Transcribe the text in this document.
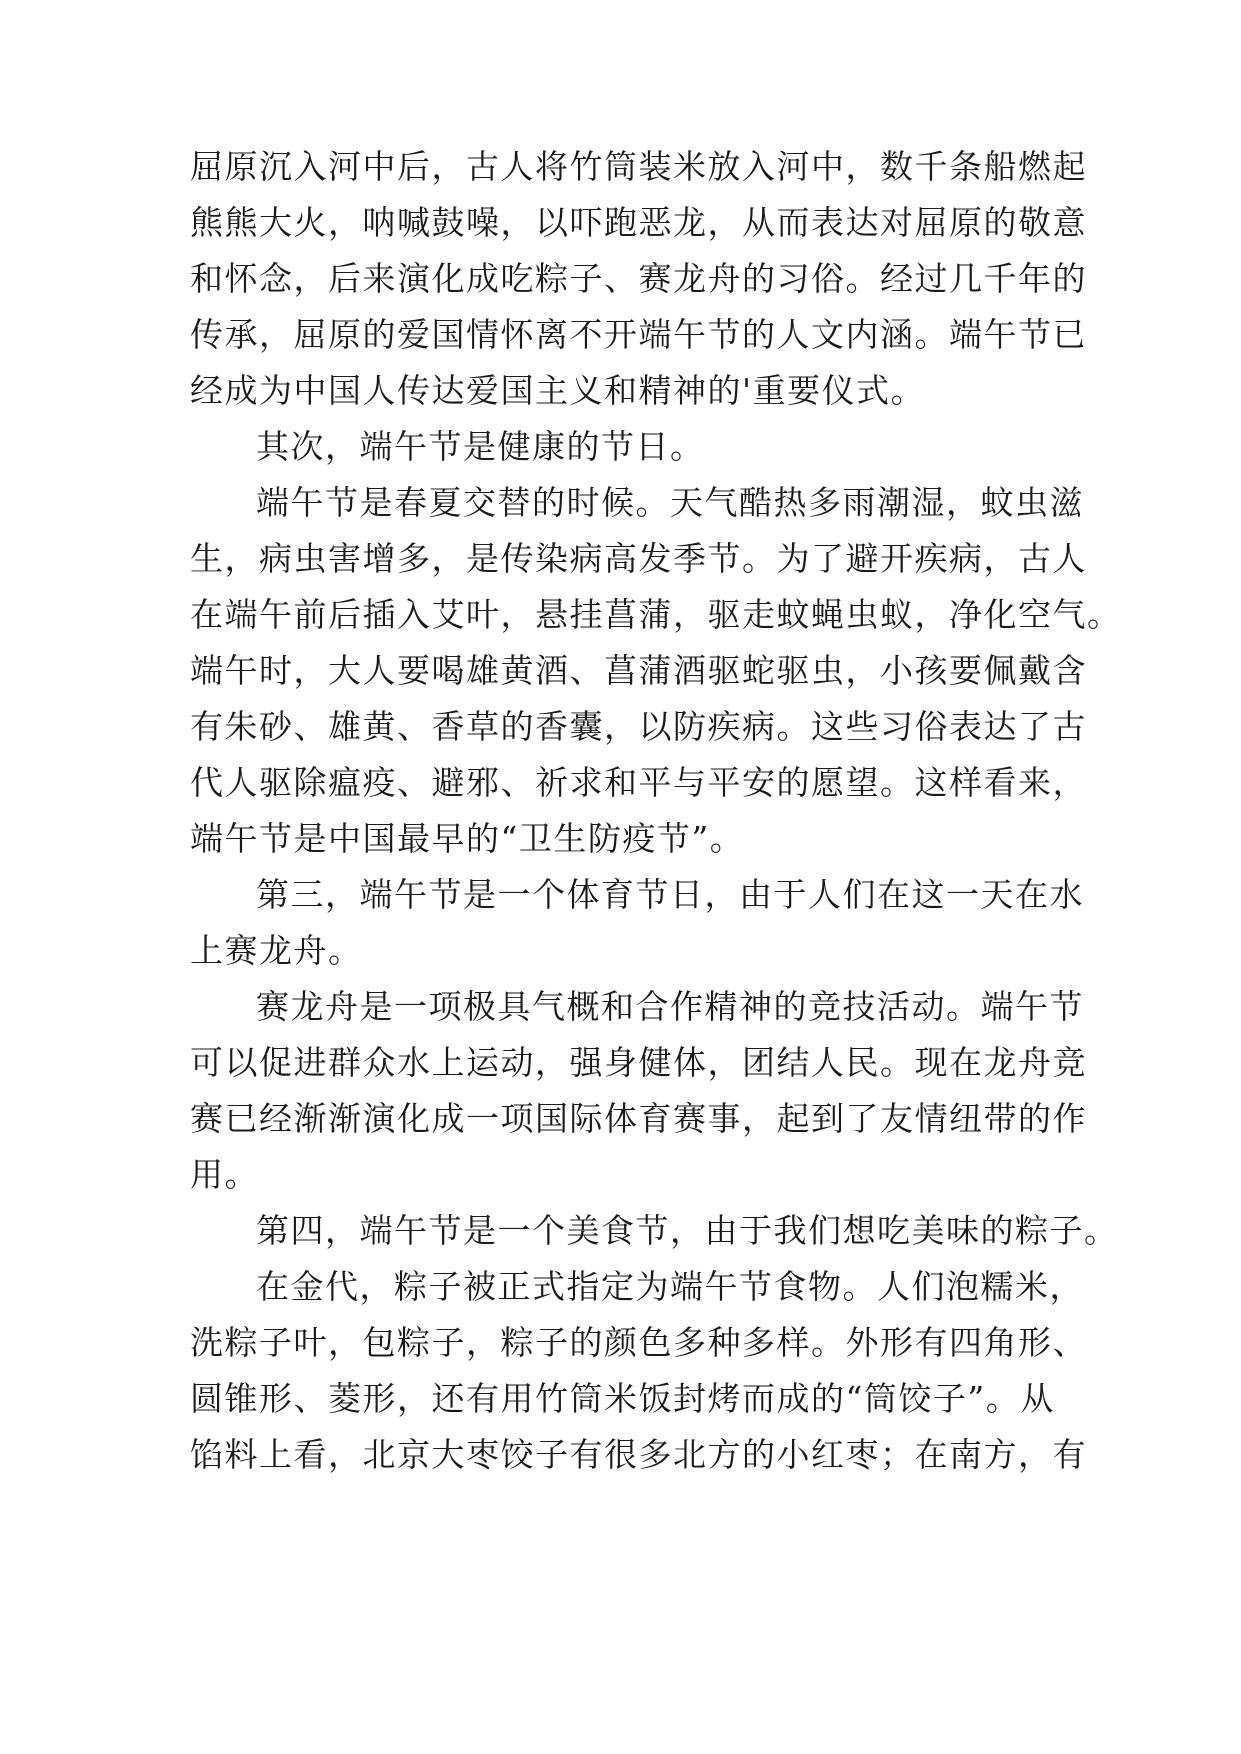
屈原沉入河中后，古人将竹筒装米放入河中，数千条船燃起
熊熊大火，呐喊鼓噪，以吓跑恶龙，从而表达对屈原的敬意
和怀念，后来演化成吃粽子、赛龙舟的习俗。经过几千年的
传承，屈原的爱国情怀离不开端午节的人文内涵。端午节已
经成为中国人传达爱国主义和精神的'重要仪式。
其次，端午节是健康的节日。
端午节是春夏交替的时候。天气酷热多雨潮湿，蚊虫滋
生，病虫害增多，是传染病高发季节。为了避开疾病，古人
在端午前后插入艾叶，悬挂菖蒲，驱走蚊蝇虫蚁，净化空气。
端午时，大人要喝雄黄酒、菖蒲酒驱蛇驱虫，小孩要佩戴含
有朱砂、雄黄、香草的香囊，以防疾病。这些习俗表达了古
代人驱除瘟疫、避邪、祈求和平与平安的愿望。这样看来，
端午节是中国最早的“卫生防疫节”。
第三，端午节是一个体育节日，由于人们在这一天在水
上赛龙舟。
赛龙舟是一项极具气概和合作精神的竞技活动。端午节
可以促进群众水上运动，强身健体，团结人民。现在龙舟竞
赛已经渐渐演化成一项国际体育赛事，起到了友情纽带的作
用。
第四，端午节是一个美食节，由于我们想吃美味的粽子。
在金代，粽子被正式指定为端午节食物。人们泡糯米，
洗粽子叶，包粽子，粽子的颜色多种多样。外形有四角形、
圆锥形、菱形，还有用竹筒米饭封烤而成的“筒饺子”。从
馅料上看，北京大枣饺子有很多北方的小红枣；在南方，有
